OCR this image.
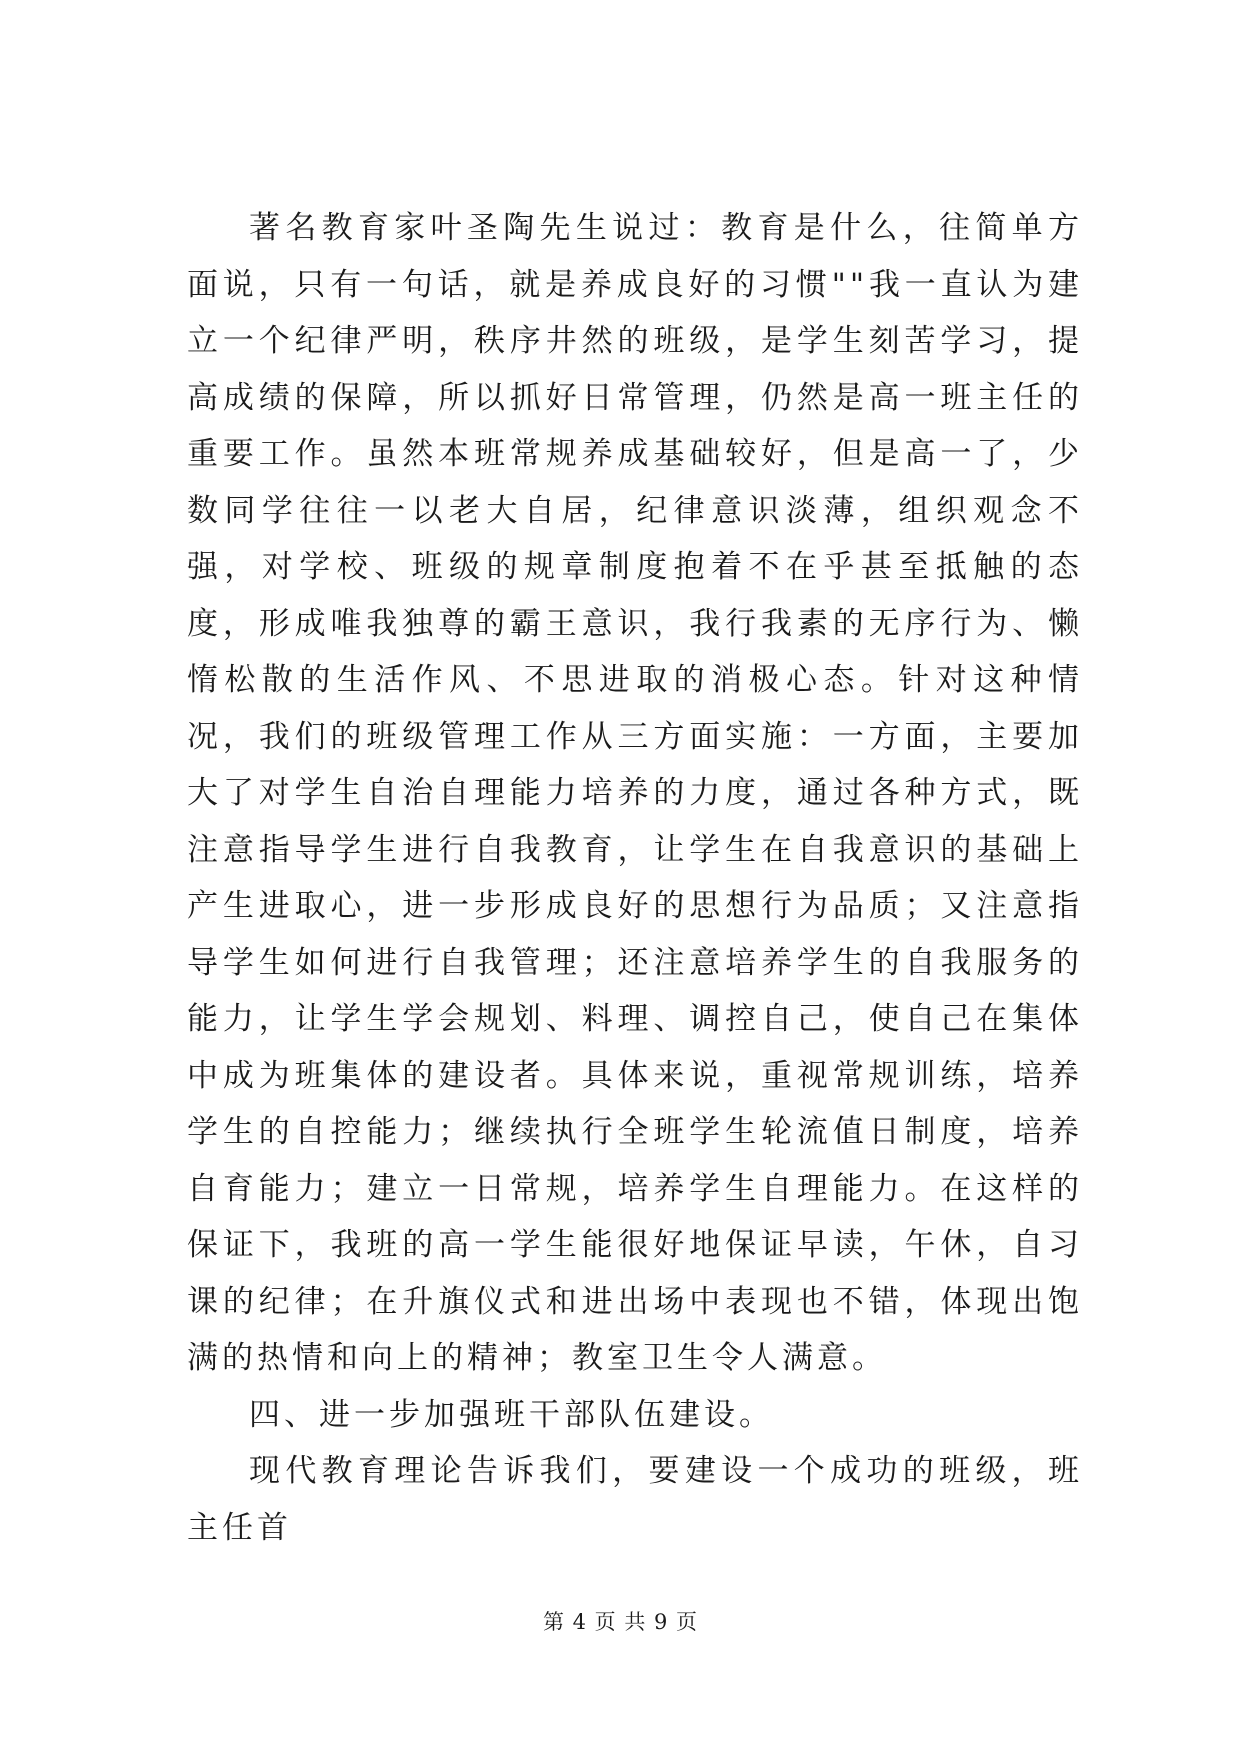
著名教育家叶圣陶先生说过：教育是什么，往简单方面说，只有一句话，就是养成良好的习惯""我一直认为建立一个纪律严明，秩序井然的班级，是学生刻苦学习，提高成绩的保障，所以抓好日常管理，仍然是高一班主任的重要工作。虽然本班常规养成基础较好，但是高一了，少数同学往往一以老大自居，纪律意识淡薄，组织观念不强，对学校、班级的规章制度抱着不在乎甚至抵触的态度，形成唯我独尊的霸王意识，我行我素的无序行为、懒惰松散的生活作风、不思进取的消极心态。针对这种情况，我们的班级管理工作从三方面实施：一方面，主要加大了对学生自治自理能力培养的力度，通过各种方式，既注意指导学生进行自我教育，让学生在自我意识的基础上产生进取心，进一步形成良好的思想行为品质；又注意指导学生如何进行自我管理；还注意培养学生的自我服务的能力，让学生学会规划、料理、调控自己，使自己在集体中成为班集体的建设者。具体来说，重视常规训练，培养学生的自控能力；继续执行全班学生轮流值日制度，培养自育能力；建立一日常规，培养学生自理能力。在这样的保证下，我班的高一学生能很好地保证早读，午休，自习课的纪律；在升旗仪式和进出场中表现也不错，体现出饱满的热情和向上的精神；教室卫生令人满意。

四、进一步加强班干部队伍建设。

现代教育理论告诉我们，要建设一个成功的班级，班主任首

第 4 页 共 9 页
